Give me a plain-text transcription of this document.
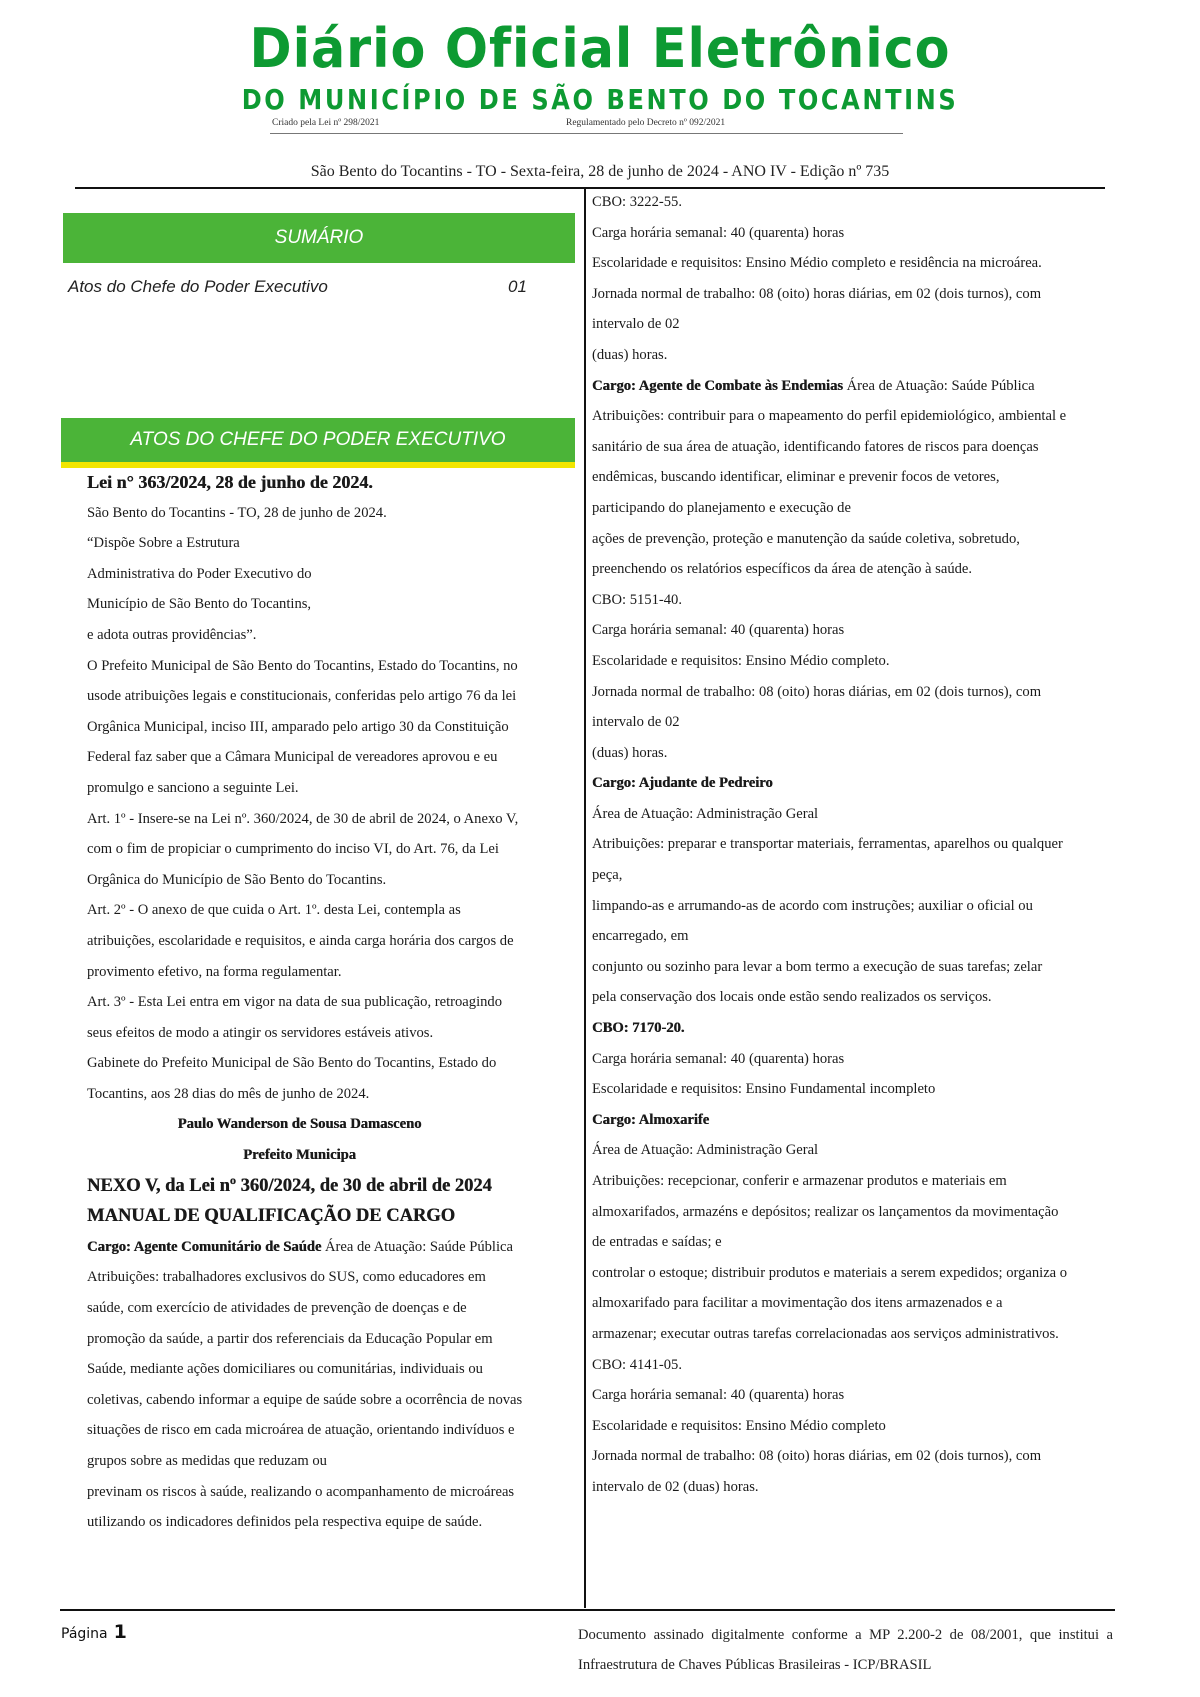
Diário Oficial Eletrônico
DO MUNICÍPIO DE SÃO BENTO DO TOCANTINS
Criado pela Lei nº 298/2021	Regulamentado pelo Decreto nº 092/2021
São Bento do Tocantins - TO - Sexta-feira, 28 de junho de 2024 - ANO IV - Edição nº 735
SUMÁRIO
Atos do Chefe do Poder Executivo	01
ATOS DO CHEFE DO PODER EXECUTIVO

Lei n° 363/2024, 28 de junho de 2024.

São Bento do Tocantins - TO, 28 de junho de 2024.

“Dispõe Sobre a Estrutura

Administrativa do Poder Executivo do

Município de São Bento do Tocantins,

e adota outras providências”.

O Prefeito Municipal de São Bento do Tocantins, Estado do Tocantins, no

usode atribuições legais e constitucionais, conferidas pelo artigo 76 da lei

Orgânica Municipal, inciso III, amparado pelo artigo 30 da Constituição

Federal faz saber que a Câmara Municipal de vereadores aprovou e eu

promulgo e sanciono a seguinte Lei.

Art. 1º - Insere-se na Lei nº. 360/2024, de 30 de abril de 2024, o Anexo V,

com o fim de propiciar o cumprimento do inciso VI, do Art. 76, da Lei

Orgânica do Município de São Bento do Tocantins.

Art. 2º - O anexo de que cuida o Art. 1º. desta Lei, contempla as

atribuições, escolaridade e requisitos, e ainda carga horária dos cargos de

provimento efetivo, na forma regulamentar.

Art. 3º - Esta Lei entra em vigor na data de sua publicação, retroagindo

seus efeitos de modo a atingir os servidores estáveis ativos.

Gabinete do Prefeito Municipal de São Bento do Tocantins, Estado do

Tocantins, aos 28 dias do mês de junho de 2024.

Paulo Wanderson de Sousa Damasceno

Prefeito Municipa

NEXO V, da Lei nº 360/2024, de 30 de abril de 2024

MANUAL DE QUALIFICAÇÃO DE CARGO

Cargo: Agente Comunitário de Saúde Área de Atuação: Saúde Pública

Atribuições: trabalhadores exclusivos do SUS, como educadores em

saúde, com exercício de atividades de prevenção de doenças e de

promoção da saúde, a partir dos referenciais da Educação Popular em

Saúde, mediante ações domiciliares ou comunitárias, individuais ou

coletivas, cabendo informar a equipe de saúde sobre a ocorrência de novas

situações de risco em cada microárea de atuação, orientando indivíduos e

grupos sobre as medidas que reduzam ou

previnam os riscos à saúde, realizando o acompanhamento de microáreas

utilizando os indicadores definidos pela respectiva equipe de saúde.

CBO: 3222-55.

Carga horária semanal: 40 (quarenta) horas

Escolaridade e requisitos: Ensino Médio completo e residência na microárea.

Jornada normal de trabalho: 08 (oito) horas diárias, em 02 (dois turnos), com

intervalo de 02

(duas) horas.

Cargo: Agente de Combate às Endemias Área de Atuação: Saúde Pública

Atribuições: contribuir para o mapeamento do perfil epidemiológico, ambiental e

sanitário de sua área de atuação, identificando fatores de riscos para doenças

endêmicas, buscando identificar, eliminar e prevenir focos de vetores,

participando do planejamento e execução de

ações de prevenção, proteção e manutenção da saúde coletiva, sobretudo,

preenchendo os relatórios específicos da área de atenção à saúde.

CBO: 5151-40.

Carga horária semanal: 40 (quarenta) horas

Escolaridade e requisitos: Ensino Médio completo.

Jornada normal de trabalho: 08 (oito) horas diárias, em 02 (dois turnos), com

intervalo de 02

(duas) horas.

Cargo: Ajudante de Pedreiro

Área de Atuação: Administração Geral

Atribuições: preparar e transportar materiais, ferramentas, aparelhos ou qualquer

peça,

limpando-as e arrumando-as de acordo com instruções; auxiliar o oficial ou

encarregado, em

conjunto ou sozinho para levar a bom termo a execução de suas tarefas; zelar

pela conservação dos locais onde estão sendo realizados os serviços.

CBO: 7170-20.

Carga horária semanal: 40 (quarenta) horas

Escolaridade e requisitos: Ensino Fundamental incompleto

Cargo: Almoxarife

Área de Atuação: Administração Geral

Atribuições: recepcionar, conferir e armazenar produtos e materiais em

almoxarifados, armazéns e depósitos; realizar os lançamentos da movimentação

de entradas e saídas; e

controlar o estoque; distribuir produtos e materiais a serem expedidos; organiza o

almoxarifado para facilitar a movimentação dos itens armazenados e a

armazenar; executar outras tarefas correlacionadas aos serviços administrativos.

CBO: 4141-05.

Carga horária semanal: 40 (quarenta) horas

Escolaridade e requisitos: Ensino Médio completo

Jornada normal de trabalho: 08 (oito) horas diárias, em 02 (dois turnos), com

intervalo de 02 (duas) horas.

Página 1	Documento assinado digitalmente conforme a MP 2.200-2 de 08/2001, que institui a Infraestrutura de Chaves Públicas Brasileiras - ICP/BRASIL
